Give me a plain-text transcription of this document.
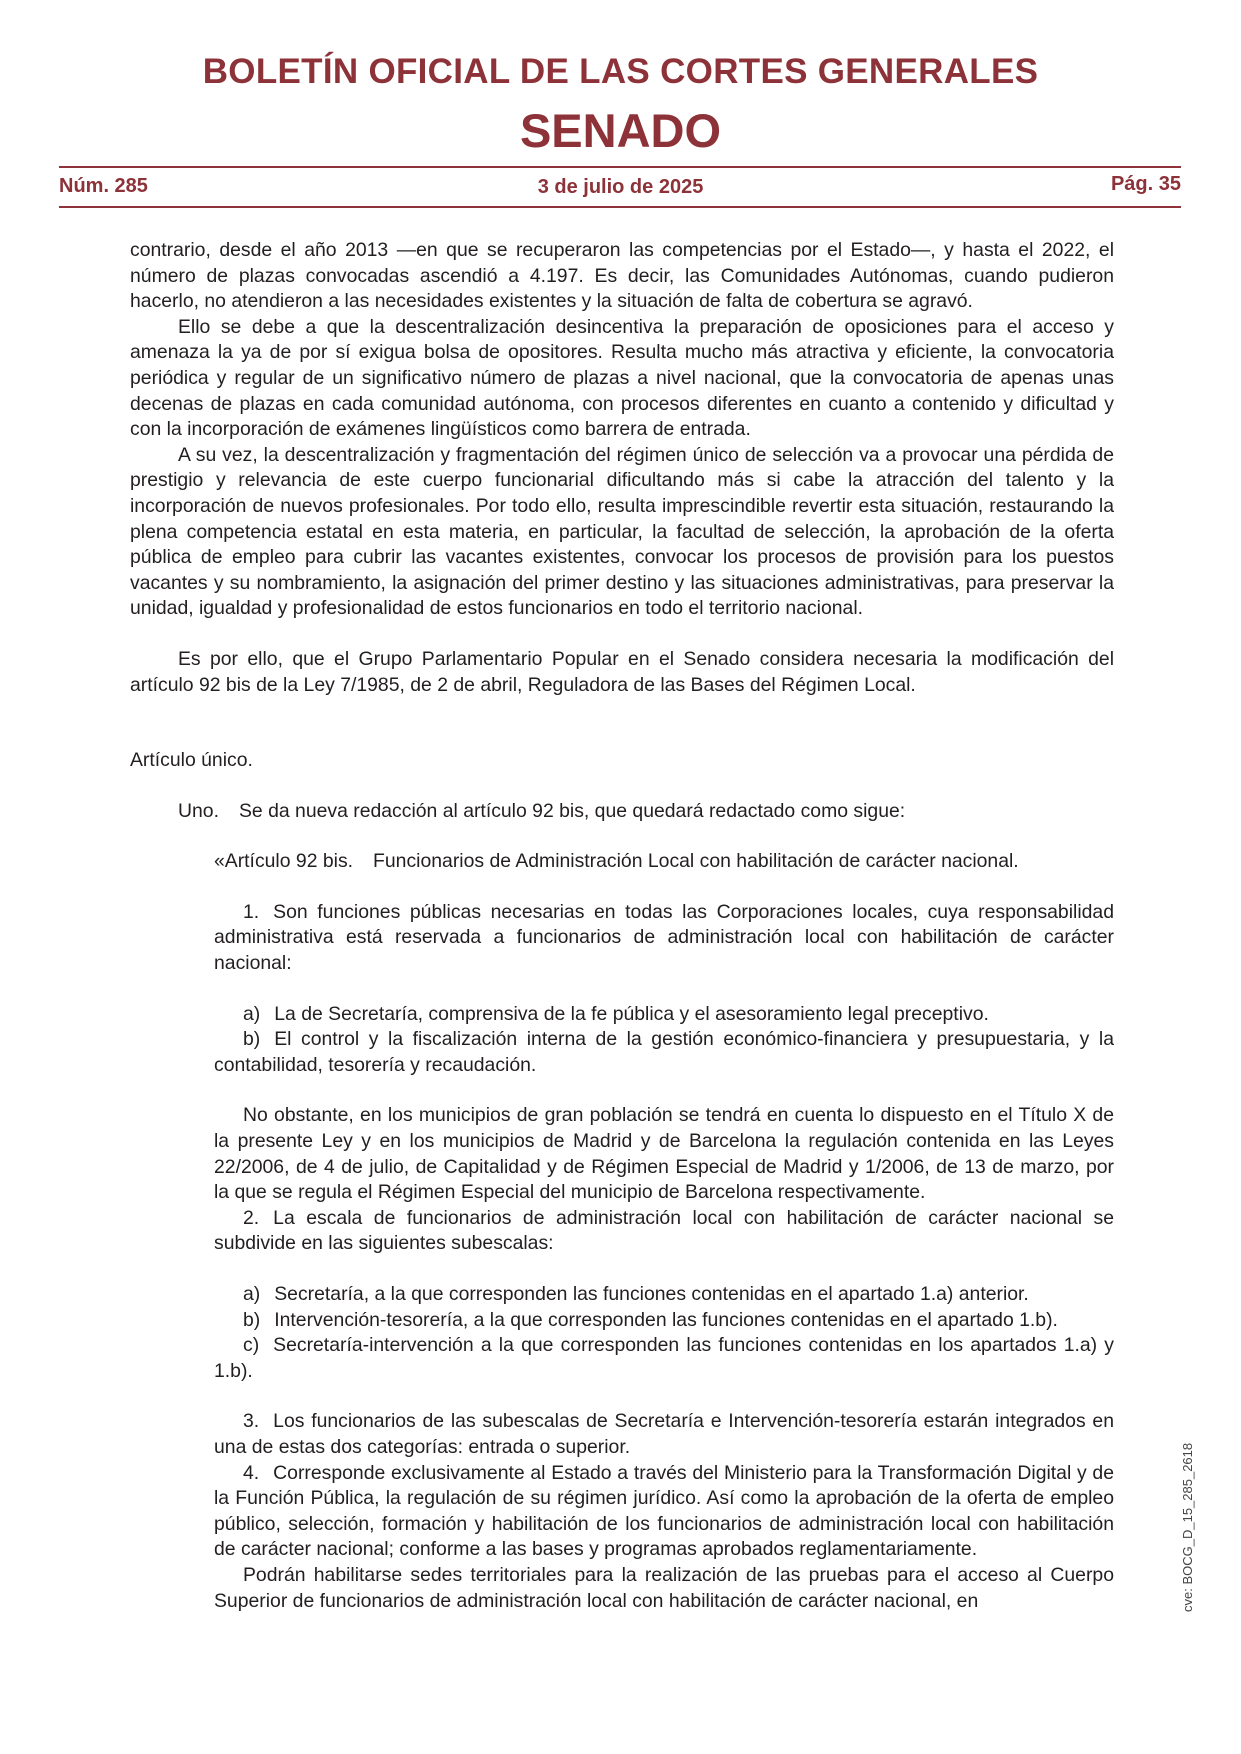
BOLETÍN OFICIAL DE LAS CORTES GENERALES
SENADO
Núm. 285	3 de julio de 2025	Pág. 35

contrario, desde el año 2013 —en que se recuperaron las competencias por el Estado—, y hasta el 2022, el número de plazas convocadas ascendió a 4.197. Es decir, las Comunidades Autónomas, cuando pudieron hacerlo, no atendieron a las necesidades existentes y la situación de falta de cobertura se agravó.

Ello se debe a que la descentralización desincentiva la preparación de oposiciones para el acceso y amenaza la ya de por sí exigua bolsa de opositores. Resulta mucho más atractiva y eficiente, la convocatoria periódica y regular de un significativo número de plazas a nivel nacional, que la convocatoria de apenas unas decenas de plazas en cada comunidad autónoma, con procesos diferentes en cuanto a contenido y dificultad y con la incorporación de exámenes lingüísticos como barrera de entrada.

A su vez, la descentralización y fragmentación del régimen único de selección va a provocar una pérdida de prestigio y relevancia de este cuerpo funcionarial dificultando más si cabe la atracción del talento y la incorporación de nuevos profesionales. Por todo ello, resulta imprescindible revertir esta situación, restaurando la plena competencia estatal en esta materia, en particular, la facultad de selección, la aprobación de la oferta pública de empleo para cubrir las vacantes existentes, convocar los procesos de provisión para los puestos vacantes y su nombramiento, la asignación del primer destino y las situaciones administrativas, para preservar la unidad, igualdad y profesionalidad de estos funcionarios en todo el territorio nacional.

Es por ello, que el Grupo Parlamentario Popular en el Senado considera necesaria la modificación del artículo 92 bis de la Ley 7/1985, de 2 de abril, Reguladora de las Bases del Régimen Local.

Artículo único.

Uno. Se da nueva redacción al artículo 92 bis, que quedará redactado como sigue:

«Artículo 92 bis. Funcionarios de Administración Local con habilitación de carácter nacional.

1. Son funciones públicas necesarias en todas las Corporaciones locales, cuya responsabilidad administrativa está reservada a funcionarios de administración local con habilitación de carácter nacional:

a) La de Secretaría, comprensiva de la fe pública y el asesoramiento legal preceptivo.

b) El control y la fiscalización interna de la gestión económico-financiera y presupuestaria, y la contabilidad, tesorería y recaudación.

No obstante, en los municipios de gran población se tendrá en cuenta lo dispuesto en el Título X de la presente Ley y en los municipios de Madrid y de Barcelona la regulación contenida en las Leyes 22/2006, de 4 de julio, de Capitalidad y de Régimen Especial de Madrid y 1/2006, de 13 de marzo, por la que se regula el Régimen Especial del municipio de Barcelona respectivamente.

2. La escala de funcionarios de administración local con habilitación de carácter nacional se subdivide en las siguientes subescalas:

a) Secretaría, a la que corresponden las funciones contenidas en el apartado 1.a) anterior.

b) Intervención-tesorería, a la que corresponden las funciones contenidas en el apartado 1.b).

c) Secretaría-intervención a la que corresponden las funciones contenidas en los apartados 1.a) y 1.b).

3. Los funcionarios de las subescalas de Secretaría e Intervención-tesorería estarán integrados en una de estas dos categorías: entrada o superior.

4. Corresponde exclusivamente al Estado a través del Ministerio para la Transformación Digital y de la Función Pública, la regulación de su régimen jurídico. Así como la aprobación de la oferta de empleo público, selección, formación y habilitación de los funcionarios de administración local con habilitación de carácter nacional; conforme a las bases y programas aprobados reglamentariamente.

Podrán habilitarse sedes territoriales para la realización de las pruebas para el acceso al Cuerpo Superior de funcionarios de administración local con habilitación de carácter nacional, en	cve: BOCG_D_15_285_2618
